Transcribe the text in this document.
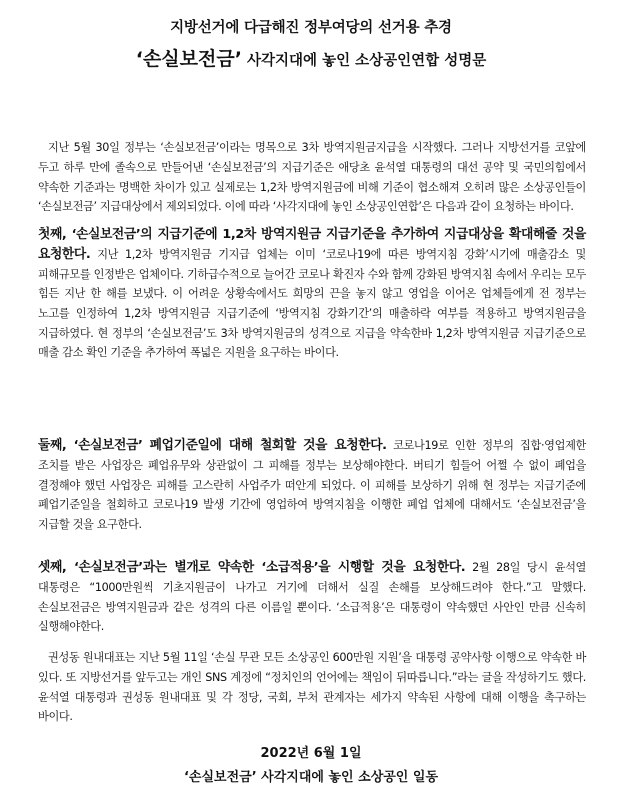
지방선거에 다급해진 정부여당의 선거용 추경
‘손실보전금’ 사각지대에 놓인 소상공인연합 성명문

지난 5월 30일 정부는 ‘손실보전금’이라는 명목으로 3차 방역지원금지급을 시작했다. 그러나 지방선거를 코앞에 두고 하루 만에 졸속으로 만들어낸 ‘손실보전금’의 지급기준은 애당초 윤석열 대통령의 대선 공약 및 국민의힘에서 약속한 기준과는 명백한 차이가 있고 실제로는 1,2차 방역지원금에 비해 기준이 협소해져 오히려 많은 소상공인들이 ‘손실보전금’ 지급대상에서 제외되었다. 이에 따라 ‘사각지대에 놓인 소상공인연합’은 다음과 같이 요청하는 바이다.

첫째, ‘손실보전금’의 지급기준에 1,2차 방역지원금 지급기준을 추가하여 지급대상을 확대해줄 것을 요청한다. 지난 1,2차 방역지원금 기지급 업체는 이미 ‘코로나19에 따른 방역지침 강화’시기에 매출감소 및 피해규모를 인정받은 업체이다. 기하급수적으로 늘어간 코로나 확진자 수와 함께 강화된 방역지침 속에서 우리는 모두 힘든 지난 한 해를 보냈다. 이 어려운 상황속에서도 희망의 끈을 놓지 않고 영업을 이어온 업체들에게 전 정부는 노고를 인정하여 1,2차 방역지원금 지급기준에 ‘방역지침 강화기간’의 매출하락 여부를 적용하고 방역지원금을 지급하였다. 현 정부의 ‘손실보전금’도 3차 방역지원금의 성격으로 지급을 약속한바 1,2차 방역지원금 지급기준으로 매출 감소 확인 기준을 추가하여 폭넓은 지원을 요구하는 바이다.

둘째, ‘손실보전금’ 폐업기준일에 대해 철회할 것을 요청한다. 코로나19로 인한 정부의 집합·영업제한 조치를 받은 사업장은 폐업유무와 상관없이 그 피해를 정부는 보상해야한다. 버티기 힘들어 어쩔 수 없이 폐업을 결정해야 했던 사업장은 피해를 고스란히 사업주가 떠안게 되었다. 이 피해를 보상하기 위해 현 정부는 지급기준에 폐업기준일을 철회하고 코로나19 발생 기간에 영업하여 방역지침을 이행한 폐업 업체에 대해서도 ‘손실보전금’을 지급할 것을 요구한다.

셋째, ‘손실보전금’과는 별개로 약속한 ‘소급적용’을 시행할 것을 요청한다. 2월 28일 당시 윤석열 대통령은 “1000만원씩 기초지원금이 나가고 거기에 더해서 실질 손해를 보상해드려야 한다.”고 말했다. 손실보전금은 방역지원금과 같은 성격의 다른 이름일 뿐이다. ‘소급적용’은 대통령이 약속했던 사안인 만큼 신속히 실행해야한다.

권성동 원내대표는 지난 5월 11일 ‘손실 무관 모든 소상공인 600만원 지원’을 대통령 공약사항 이행으로 약속한 바 있다. 또 지방선거를 앞두고는 개인 SNS 계정에 “정치인의 언어에는 책임이 뒤따릅니다.”라는 글을 작성하기도 했다. 윤석열 대통령과 권성동 원내대표 및 각 정당, 국회, 부처 관계자는 세가지 약속된 사항에 대해 이행을 촉구하는 바이다.

2022년 6월 1일
‘손실보전금’ 사각지대에 놓인 소상공인 일동
